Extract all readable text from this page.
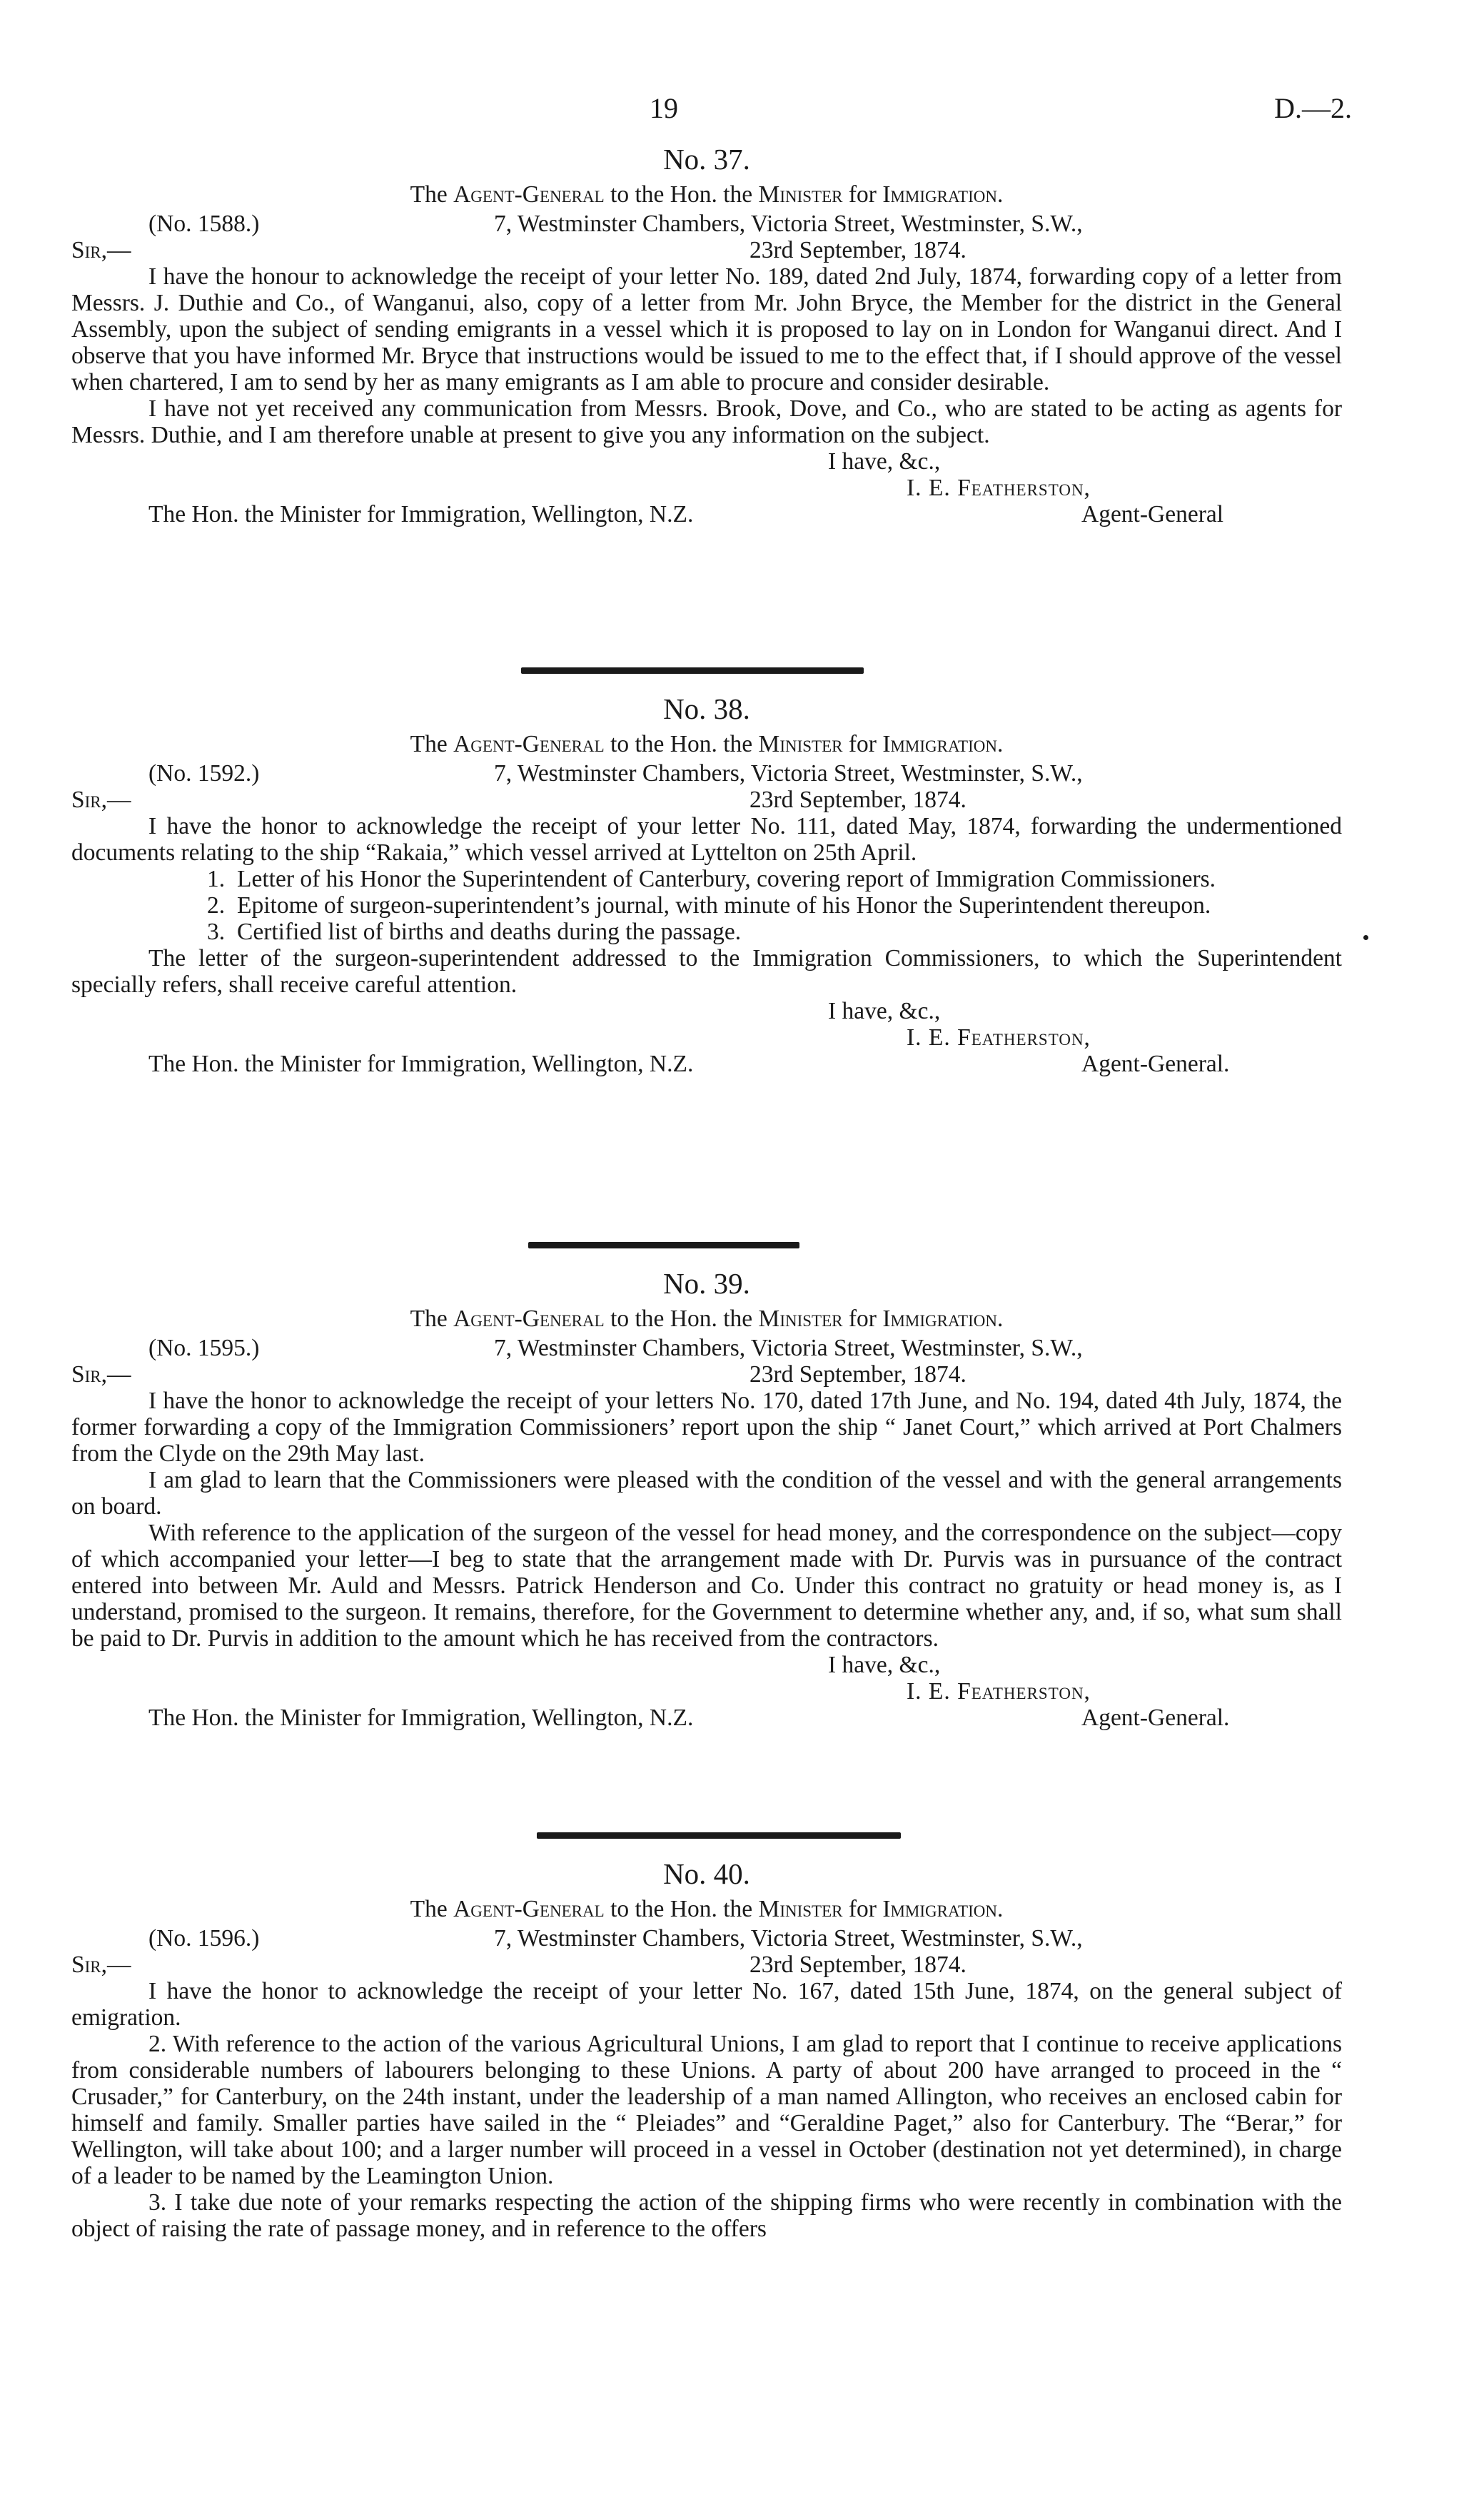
19	D.—2.
No. 37.
The Agent-General to the Hon. the Minister for Immigration.
(No. 1588.)	7, Westminster Chambers, Victoria Street, Westminster, S.W.,
Sir,—	23rd September, 1874.

I have the honour to acknowledge the receipt of your letter No. 189, dated 2nd July, 1874, forwarding copy of a letter from Messrs. J. Duthie and Co., of Wanganui, also, copy of a letter from Mr. John Bryce, the Member for the district in the General Assembly, upon the subject of sending emigrants in a vessel which it is proposed to lay on in London for Wanganui direct. And I observe that you have informed Mr. Bryce that instructions would be issued to me to the effect that, if I should approve of the vessel when chartered, I am to send by her as many emigrants as I am able to procure and consider desirable.

I have not yet received any communication from Messrs. Brook, Dove, and Co., who are stated to be acting as agents for Messrs. Duthie, and I am therefore unable at present to give you any information on the subject.

I have, &c.,
I. E. Featherston,
The Hon. the Minister for Immigration, Wellington, N.Z.	Agent-General
No. 38.
The Agent-General to the Hon. the Minister for Immigration.
(No. 1592.)	7, Westminster Chambers, Victoria Street, Westminster, S.W.,
Sir,—	23rd September, 1874.

I have the honor to acknowledge the receipt of your letter No. 111, dated May, 1874, forwarding the undermentioned documents relating to the ship “Rakaia,” which vessel arrived at Lyttelton on 25th April.

1. Letter of his Honor the Superintendent of Canterbury, covering report of Immigration Commissioners.
2. Epitome of surgeon-superintendent’s journal, with minute of his Honor the Superintendent thereupon.
3. Certified list of births and deaths during the passage.

The letter of the surgeon-superintendent addressed to the Immigration Commissioners, to which the Superintendent specially refers, shall receive careful attention.

I have, &c.,
I. E. Featherston,
The Hon. the Minister for Immigration, Wellington, N.Z.	Agent-General.
No. 39.
The Agent-General to the Hon. the Minister for Immigration.
(No. 1595.)	7, Westminster Chambers, Victoria Street, Westminster, S.W.,
Sir,—	23rd September, 1874.

I have the honor to acknowledge the receipt of your letters No. 170, dated 17th June, and No. 194, dated 4th July, 1874, the former forwarding a copy of the Immigration Commissioners’ report upon the ship “ Janet Court,” which arrived at Port Chalmers from the Clyde on the 29th May last.

I am glad to learn that the Commissioners were pleased with the condition of the vessel and with the general arrangements on board.

With reference to the application of the surgeon of the vessel for head money, and the correspondence on the subject—copy of which accompanied your letter—I beg to state that the arrangement made with Dr. Purvis was in pursuance of the contract entered into between Mr. Auld and Messrs. Patrick Henderson and Co. Under this contract no gratuity or head money is, as I understand, promised to the surgeon. It remains, therefore, for the Government to determine whether any, and, if so, what sum shall be paid to Dr. Purvis in addition to the amount which he has received from the contractors.

I have, &c.,
I. E. Featherston,
The Hon. the Minister for Immigration, Wellington, N.Z.	Agent-General.
No. 40.
The Agent-General to the Hon. the Minister for Immigration.
(No. 1596.)	7, Westminster Chambers, Victoria Street, Westminster, S.W.,
Sir,—	23rd September, 1874.

I have the honor to acknowledge the receipt of your letter No. 167, dated 15th June, 1874, on the general subject of emigration.

2. With reference to the action of the various Agricultural Unions, I am glad to report that I continue to receive applications from considerable numbers of labourers belonging to these Unions. A party of about 200 have arranged to proceed in the “ Crusader,” for Canterbury, on the 24th instant, under the leadership of a man named Allington, who receives an enclosed cabin for himself and family. Smaller parties have sailed in the “ Pleiades” and “Geraldine Paget,” also for Canterbury. The “Berar,” for Wellington, will take about 100; and a larger number will proceed in a vessel in October (destination not yet determined), in charge of a leader to be named by the Leamington Union.

3. I take due note of your remarks respecting the action of the shipping firms who were recently in combination with the object of raising the rate of passage money, and in reference to the offers
